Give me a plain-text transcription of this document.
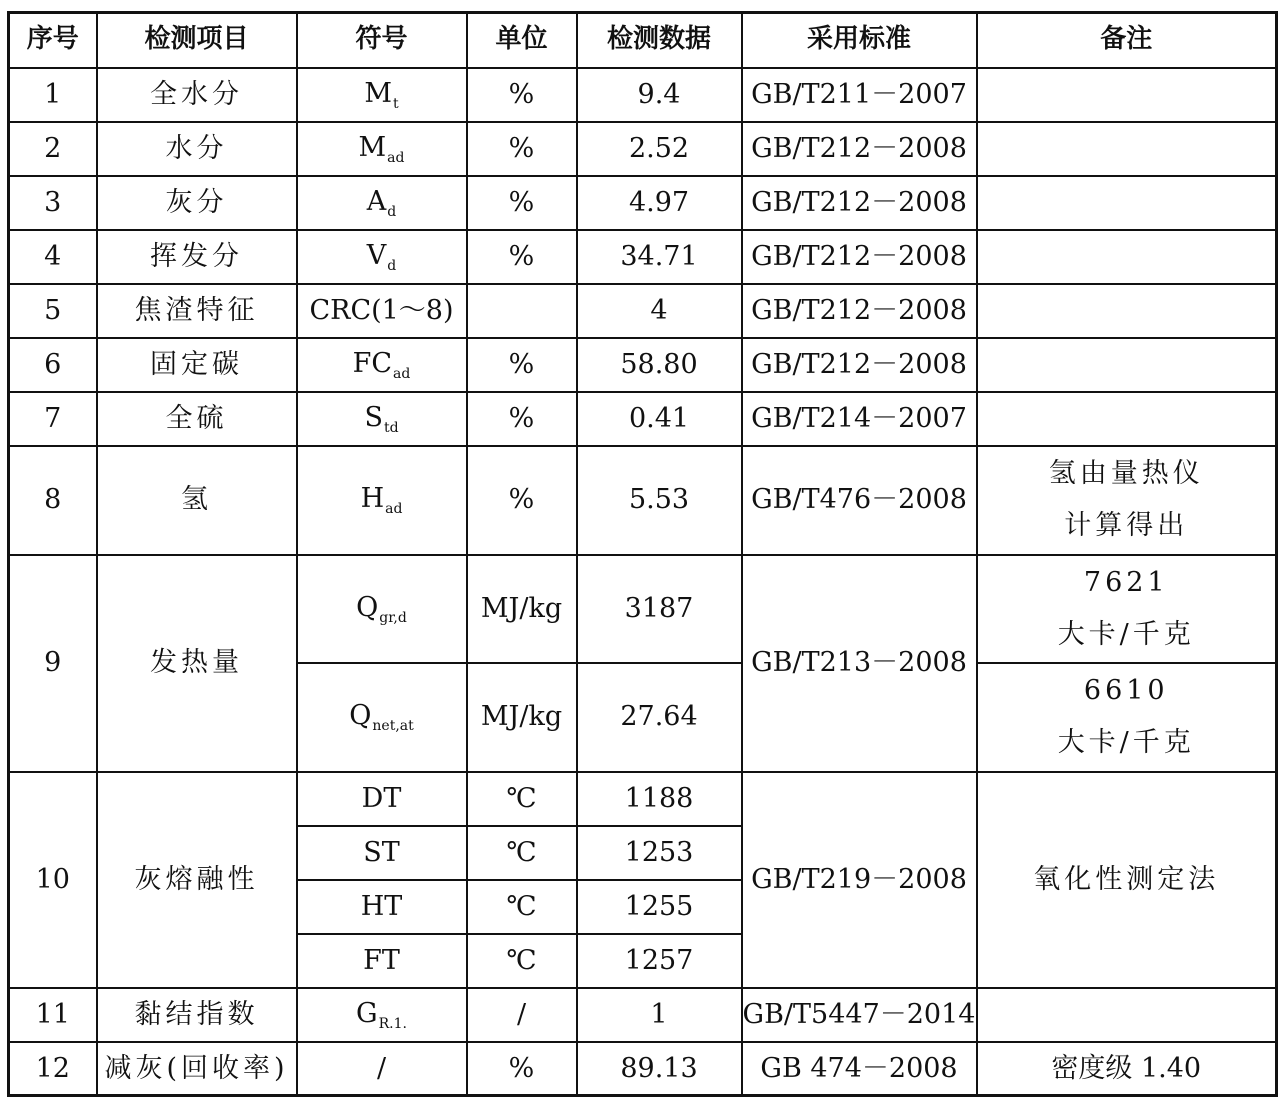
序号	检测项目	符号	单位	检测数据	采用标准	备注
1	全水分	$M_t$	%	9.4	GB/T211－2007	
2	水分	$M_{ad}$	%	2.52	GB/T212－2008	
3	灰分	$A_d$	%	4.97	GB/T212－2008	
4	挥发分	$V_d$	%	34.71	GB/T212－2008	
5	焦渣特征	CRC(1～8)		4	GB/T212－2008	
6	固定碳	$FC_{ad}$	%	58.80	GB/T212－2008	
7	全硫	$S_{td}$	%	0.41	GB/T214－2007	
8	氢	$H_{ad}$	%	5.53	GB/T476－2008	氢由量热仪
计算得出

9	发热量	$Q_{gr,d}$	MJ/kg	3187	GB/T213－2008	7621
大卡/千克

		$Q_{net,at}$	MJ/kg	27.64		6610
大卡/千克

10	灰熔融性	DT	℃	1188	GB/T219－2008	氧化性测定法
		ST	℃	1253		
		HT	℃	1255		
		FT	℃	1257		
11	黏结指数	$G_{R.1.}$	/	1	GB/T5447－2014	
12	减灰(回收率)	/	%	89.13	GB 474－2008	密度级 1.40
